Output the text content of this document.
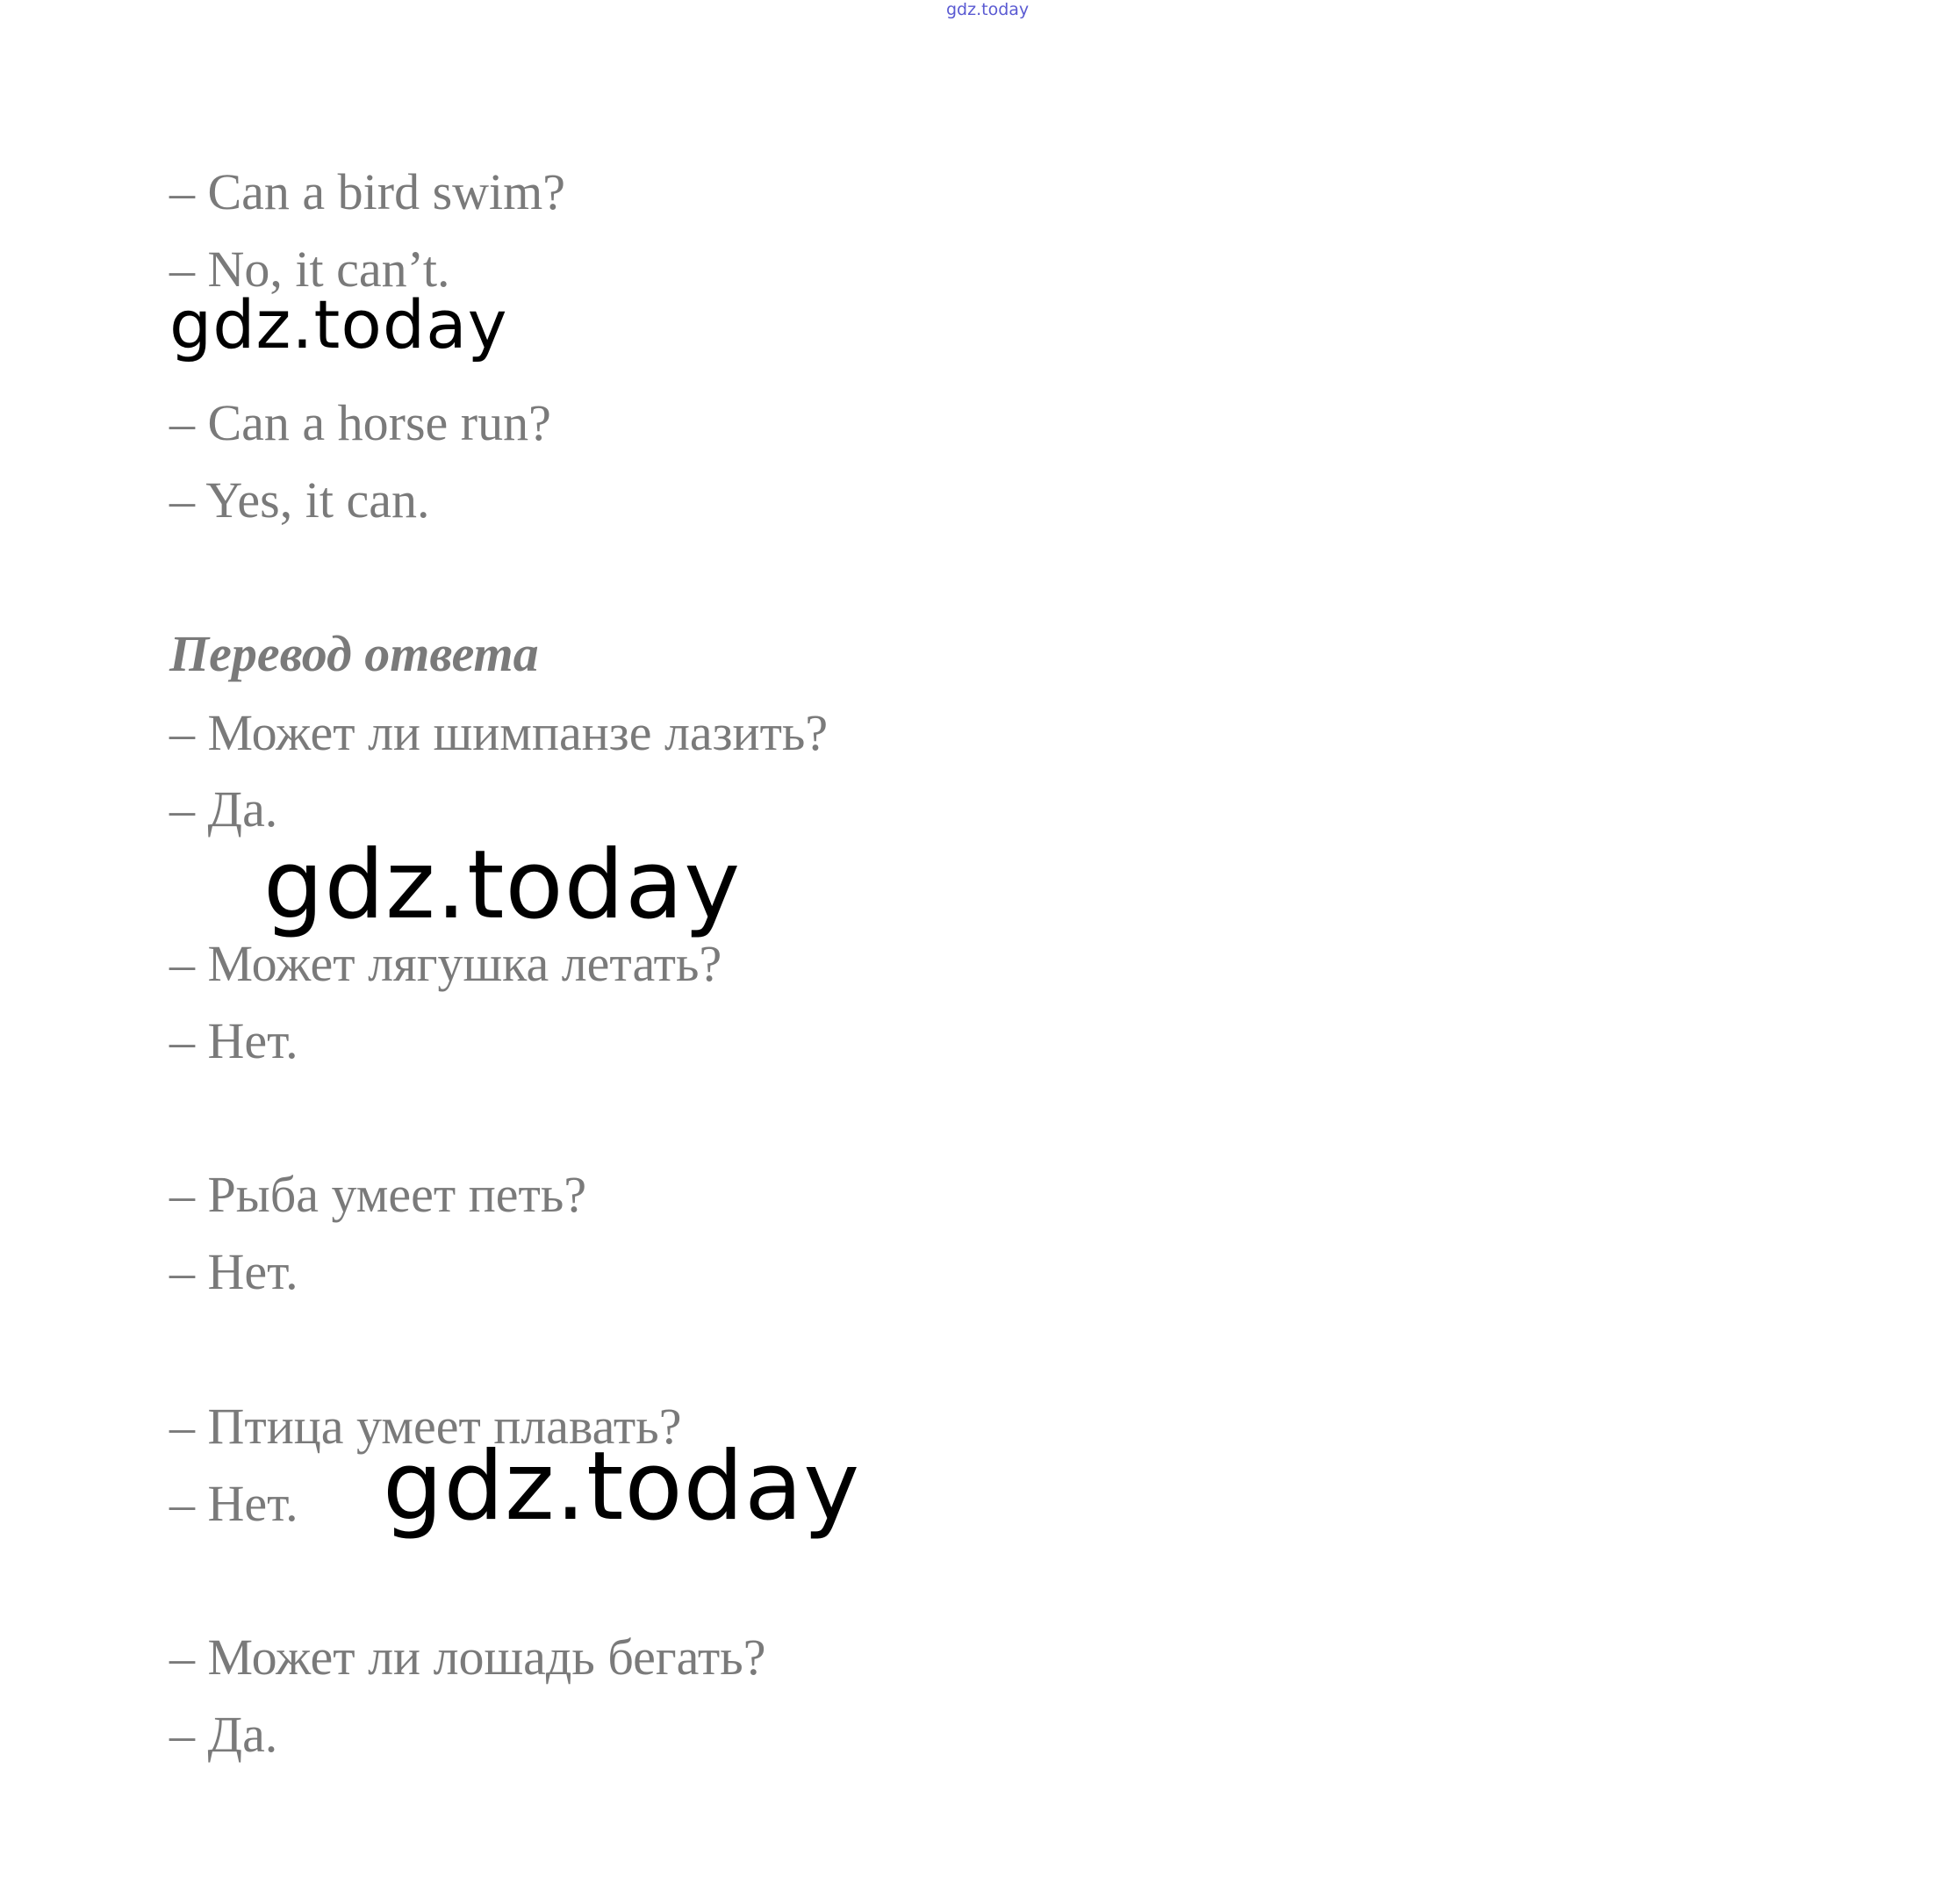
gdz.today
– Can a bird swim?
– No, it can’t.
gdz.today
– Can a horse run?
– Yes, it can.
Перевод ответа
– Может ли шимпанзе лазить?
– Да.
gdz.today
– Может лягушка летать?
– Нет.
– Рыба умеет петь?
– Нет.
– Птица умеет плавать?
– Нет. gdz.today
– Может ли лошадь бегать?
– Да.
